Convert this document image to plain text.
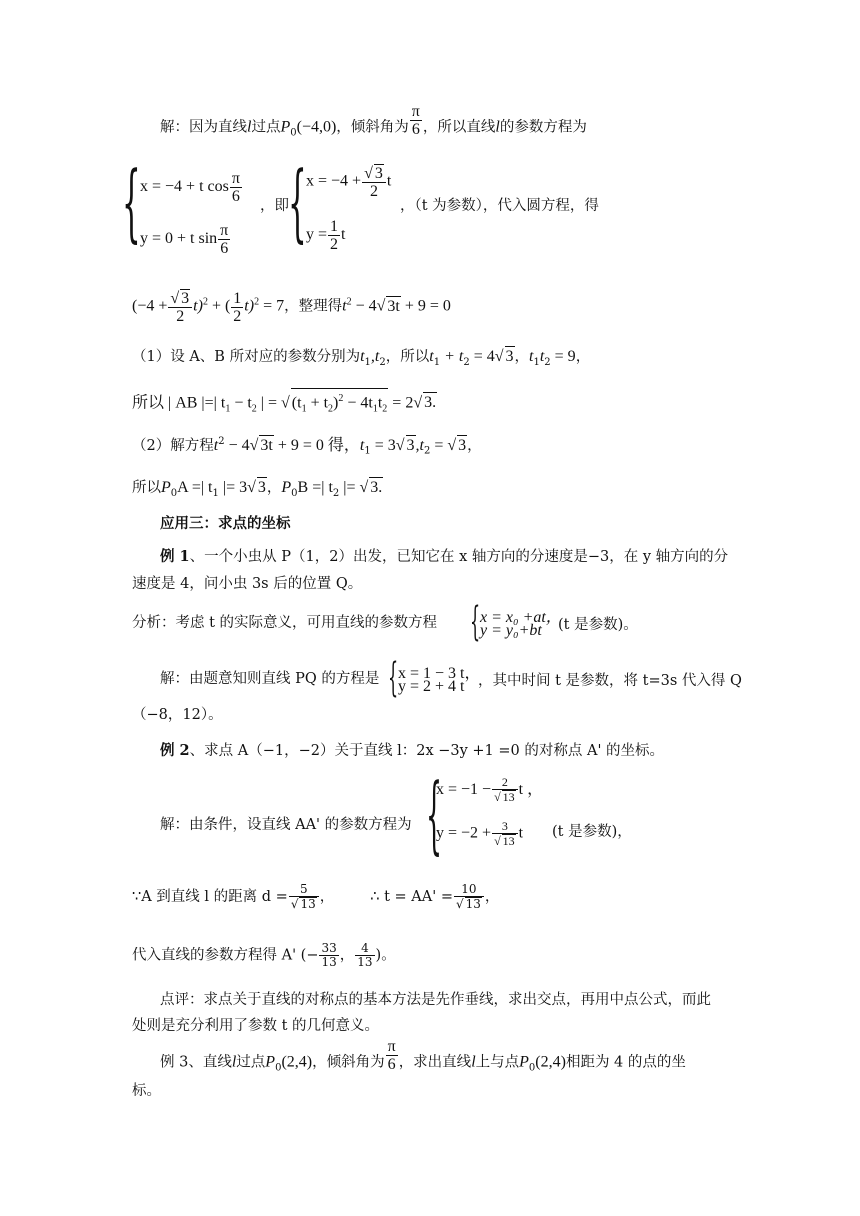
解：因为直线l过点$P_0(-4,0)$，倾斜角为 $\frac{\pi}{6}$ ，所以直线l的参数方程为
{ x = −4 + t $\cos \frac{\pi}{6}$
y = 0 + t $\sin \frac{\pi}{6}$
，即 { $x = -4 + \frac{√ 3}{2}$ t
$y = \frac{1}{2}$ t
，（t 为参数），代入圆方程，得
$(-4 + \frac{√ 3}{2} t)^2$ + ( $\frac{1}{2} t)^2 = 7$，整理得$t^2 - 4√$ 3t + 9 = 0
（1）设 A、B 所对应的参数分别为$t_1,t_2$，所以$t_1 + t_2 = 4√$ 3，$t_1t_2 = 9$，
所以 | AB |=| $t_1 - t_2$ | = √ $(t_1 + t_2)^2 - 4t_1t_2 = 2√$ 3.
（2）解方程$t^2 - 4√$ 3t + 9 = 0 得，$t_1 = 3√$ $3,t_2$ = √ 3，
所以$P_0A$ =| $t_1$ |= 3√ 3，$P_0B$ =| $t_2$ |= √ 3.
应用三：求点的坐标
例 1、一个小虫从 P（1，2）出发，已知它在 x 轴方向的分速度是−3，在 y 轴方向的分
速度是 4，问小虫 3s 后的位置 Q。
分析：考虑 t 的实际意义，可用直线的参数方程 { x = x₀ +at，
y = y₀+bt (t 是参数)。
解：由题意知则直线 PQ 的方程是 { x = 1 − 3 t，
y = 2 + 4 t ，其中时间 t 是参数，将 t=3s 代入得 Q
（−8，12）。
例 2、求点 A（−1，−2）关于直线 l：2x −3y +1 =0 的对称点 A' 的坐标。
解：由条件，设直线 AA' 的参数方程为 {
$x = -1 - \frac{2}{√ 13}$ t ，
$y = -2 + \frac{3}{√ 13}$ t (t 是参数)，
∵A 到直线 l 的距离 $d = \frac{5}{√ 13}$ ， ∴ $t = AA' = \frac{10}{√ 13}$ ，
代入直线的参数方程得 A' (− $\frac{33}{13}$ ， $\frac{4}{13}$ )。
点评：求点关于直线的对称点的基本方法是先作垂线，求出交点，再用中点公式，而此
处则是充分利用了参数 t 的几何意义。
例 3、直线l过点$P_0(2,4)$，倾斜角为 $\frac{\pi}{6}$ ，求出直线l上与点$P_0(2,4)$相距为 4 的点的坐
标。
